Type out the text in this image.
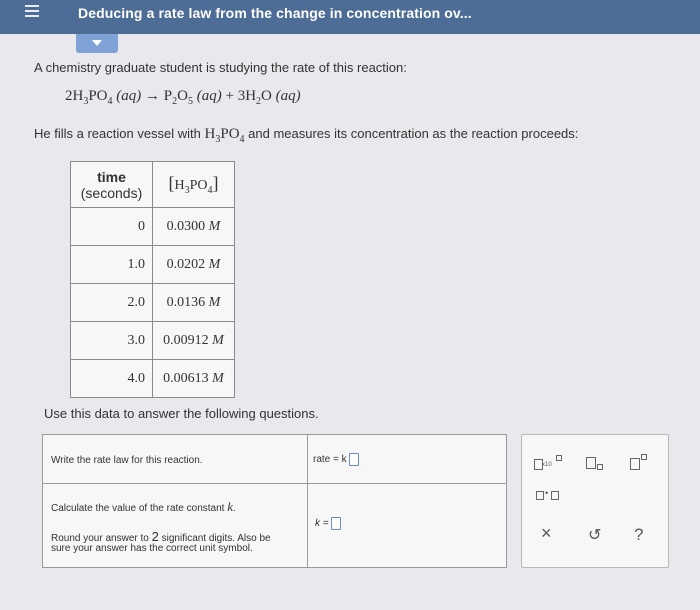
Deducing a rate law from the change in concentration ov...
A chemistry graduate student is studying the rate of this reaction:
$2H_3PO_4$ $(aq) \to P_2O_5$ $(aq) + 3H_2O$ (aq)
He fills a reaction vessel with $H_3PO_4$ and measures its concentration as the reaction proceeds:
time
(seconds)	$[H_3PO_4]$
0	0.0300 M
1.0	0.0202 M
2.0	0.0136 M
3.0	0.00912 M
4.0	0.00613 M
Use this data to answer the following questions.
Write the rate law for this reaction.	rate = k
Calculate the value of the rate constant k.
Round your answer to 2 significant digits. Also be
sure your answer has the correct unit symbol.
k =
x10
•
× ↺ ?
